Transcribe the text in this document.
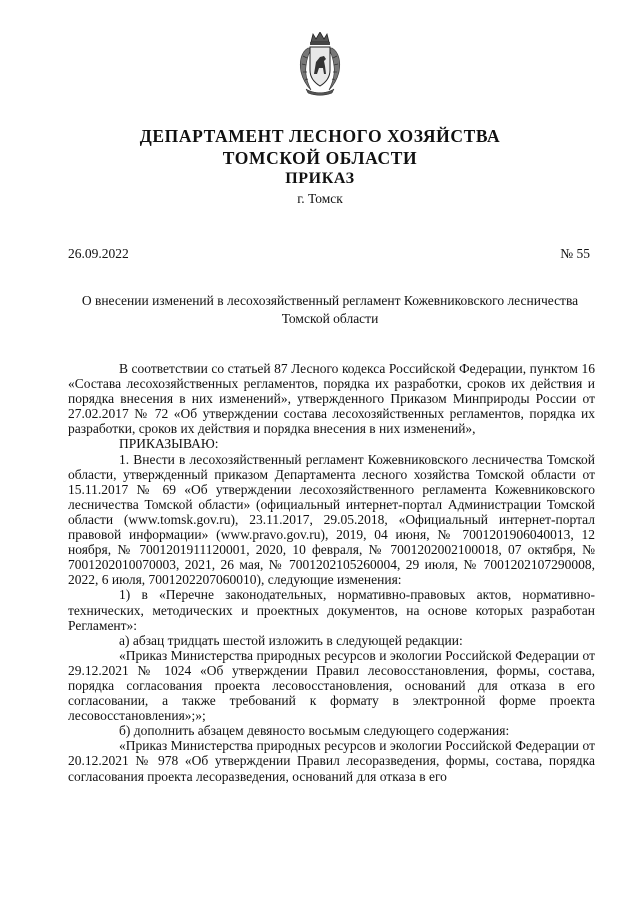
ДЕПАРТАМЕНТ ЛЕСНОГО ХОЗЯЙСТВА
ТОМСКОЙ ОБЛАСТИ
ПРИКАЗ
г. Томск
26.09.2022	№ 55
О внесении изменений в лесохозяйственный регламент Кожевниковского лесничества Томской области

В соответствии со статьей 87 Лесного кодекса Российской Федерации, пунктом 16 «Состава лесохозяйственных регламентов, порядка их разработки, сроков их действия и порядка внесения в них изменений», утвержденного Приказом Минприроды России от 27.02.2017 № 72 «Об утверждении состава лесохозяйственных регламентов, порядка их разработки, сроков их действия и порядка внесения в них изменений»,

ПРИКАЗЫВАЮ:

1. Внести в лесохозяйственный регламент Кожевниковского лесничества Томской области, утвержденный приказом Департамента лесного хозяйства Томской области от 15.11.2017 № 69 «Об утверждении лесохозяйственного регламента Кожевниковского лесничества Томской области» (официальный интернет-портал Администрации Томской области (www.tomsk.gov.ru), 23.11.2017, 29.05.2018, «Официальный интернет-портал правовой информации» (www.pravo.gov.ru), 2019, 04 июня, № 7001201906040013, 12 ноября, № 7001201911120001, 2020, 10 февраля, № 7001202002100018, 07 октября, № 7001202010070003, 2021, 26 мая, № 7001202105260004, 29 июля, № 7001202107290008, 2022, 6 июля, 7001202207060010), следующие изменения:

1) в «Перечне законодательных, нормативно-правовых актов, нормативно-технических, методических и проектных документов, на основе которых разработан Регламент»:

а) абзац тридцать шестой изложить в следующей редакции:

«Приказ Министерства природных ресурсов и экологии Российской Федерации от 29.12.2021 № 1024 «Об утверждении Правил лесовосстановления, формы, состава, порядка согласования проекта лесовосстановления, оснований для отказа в его согласовании, а также требований к формату в электронной форме проекта лесовосстановления»;»;

б) дополнить абзацем девяносто восьмым следующего содержания:

«Приказ Министерства природных ресурсов и экологии Российской Федерации от 20.12.2021 № 978 «Об утверждении Правил лесоразведения, формы, состава, порядка согласования проекта лесоразведения, оснований для отказа в его
